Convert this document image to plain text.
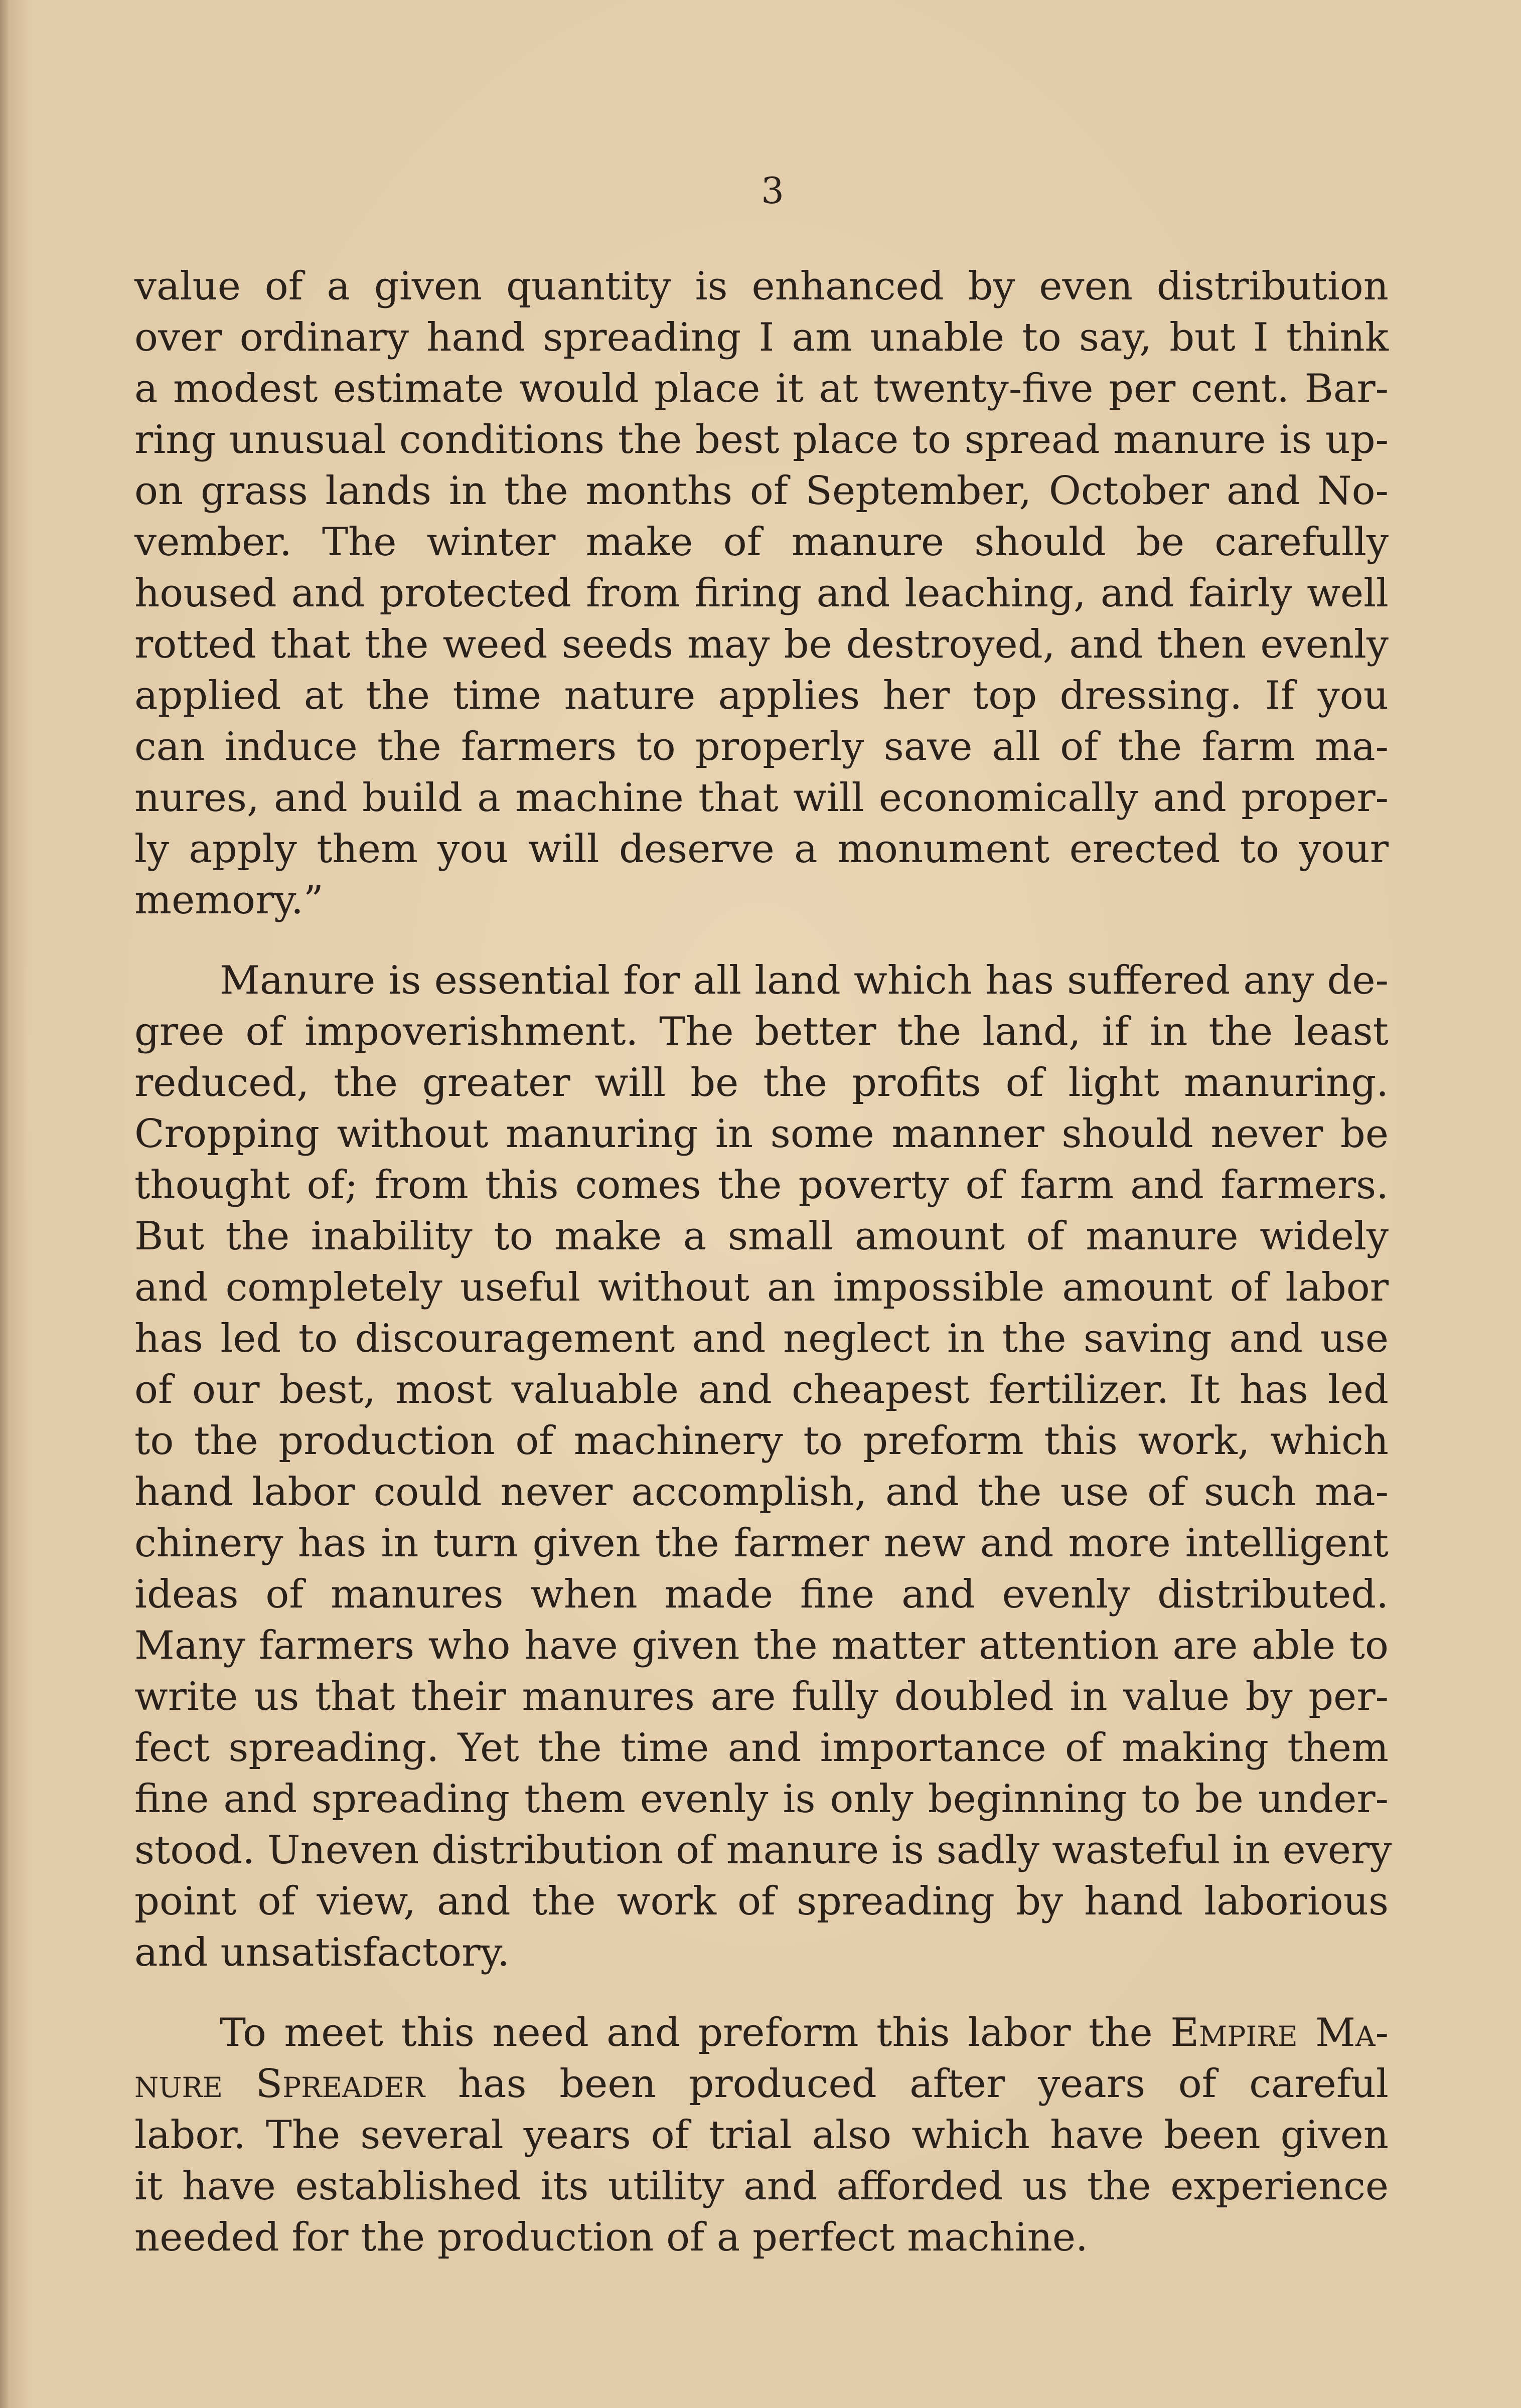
3
value of a given quantity is enhanced by even distribution
over ordinary hand spreading I am unable to say, but I think
a modest estimate would place it at twenty-five per cent. Bar-
ring unusual conditions the best place to spread manure is up-
on grass lands in the months of September, October and No-
vember. The winter make of manure should be carefully
housed and protected from firing and leaching, and fairly well
rotted that the weed seeds may be destroyed, and then evenly
applied at the time nature applies her top dressing. If you
can induce the farmers to properly save all of the farm ma-
nures, and build a machine that will economically and proper-
ly apply them you will deserve a monument erected to your
memory.”
Manure is essential for all land which has suffered any de-
gree of impoverishment. The better the land, if in the least
reduced, the greater will be the profits of light manuring.
Cropping without manuring in some manner should never be
thought of; from this comes the poverty of farm and farmers.
But the inability to make a small amount of manure widely
and completely useful without an impossible amount of labor
has led to discouragement and neglect in the saving and use
of our best, most valuable and cheapest fertilizer. It has led
to the production of machinery to preform this work, which
hand labor could never accomplish, and the use of such ma-
chinery has in turn given the farmer new and more intelligent
ideas of manures when made fine and evenly distributed.
Many farmers who have given the matter attention are able to
write us that their manures are fully doubled in value by per-
fect spreading. Yet the time and importance of making them
fine and spreading them evenly is only beginning to be under-
stood. Uneven distribution of manure is sadly wasteful in every
point of view, and the work of spreading by hand laborious
and unsatisfactory.
To meet this need and preform this labor the Empire Ma-
nure Spreader has been produced after years of careful
labor. The several years of trial also which have been given
it have established its utility and afforded us the experience
needed for the production of a perfect machine.
